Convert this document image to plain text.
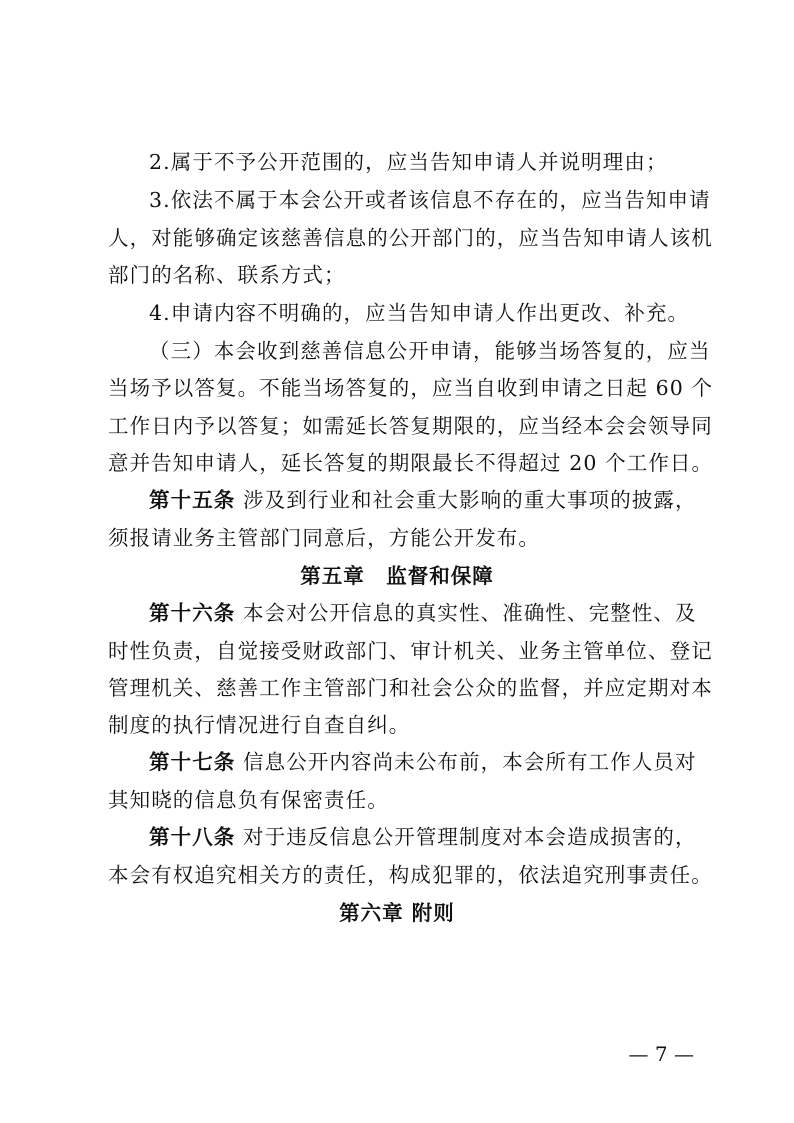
2.属于不予公开范围的，应当告知申请人并说明理由；
3.依法不属于本会公开或者该信息不存在的，应当告知申请
人，对能够确定该慈善信息的公开部门的，应当告知申请人该机
部门的名称、联系方式；
4.申请内容不明确的，应当告知申请人作出更改、补充。
（三）本会收到慈善信息公开申请，能够当场答复的，应当
当场予以答复。不能当场答复的，应当自收到申请之日起 60 个
工作日内予以答复；如需延长答复期限的，应当经本会会领导同
意并告知申请人，延长答复的期限最长不得超过 20 个工作日。
第十五条 涉及到行业和社会重大影响的重大事项的披露，
须报请业务主管部门同意后，方能公开发布。
第五章　监督和保障
第十六条 本会对公开信息的真实性、准确性、完整性、及
时性负责，自觉接受财政部门、审计机关、业务主管单位、登记
管理机关、慈善工作主管部门和社会公众的监督，并应定期对本
制度的执行情况进行自查自纠。
第十七条 信息公开内容尚未公布前，本会所有工作人员对
其知晓的信息负有保密责任。
第十八条 对于违反信息公开管理制度对本会造成损害的，
本会有权追究相关方的责任，构成犯罪的，依法追究刑事责任。
第六章 附则
— 7 —
